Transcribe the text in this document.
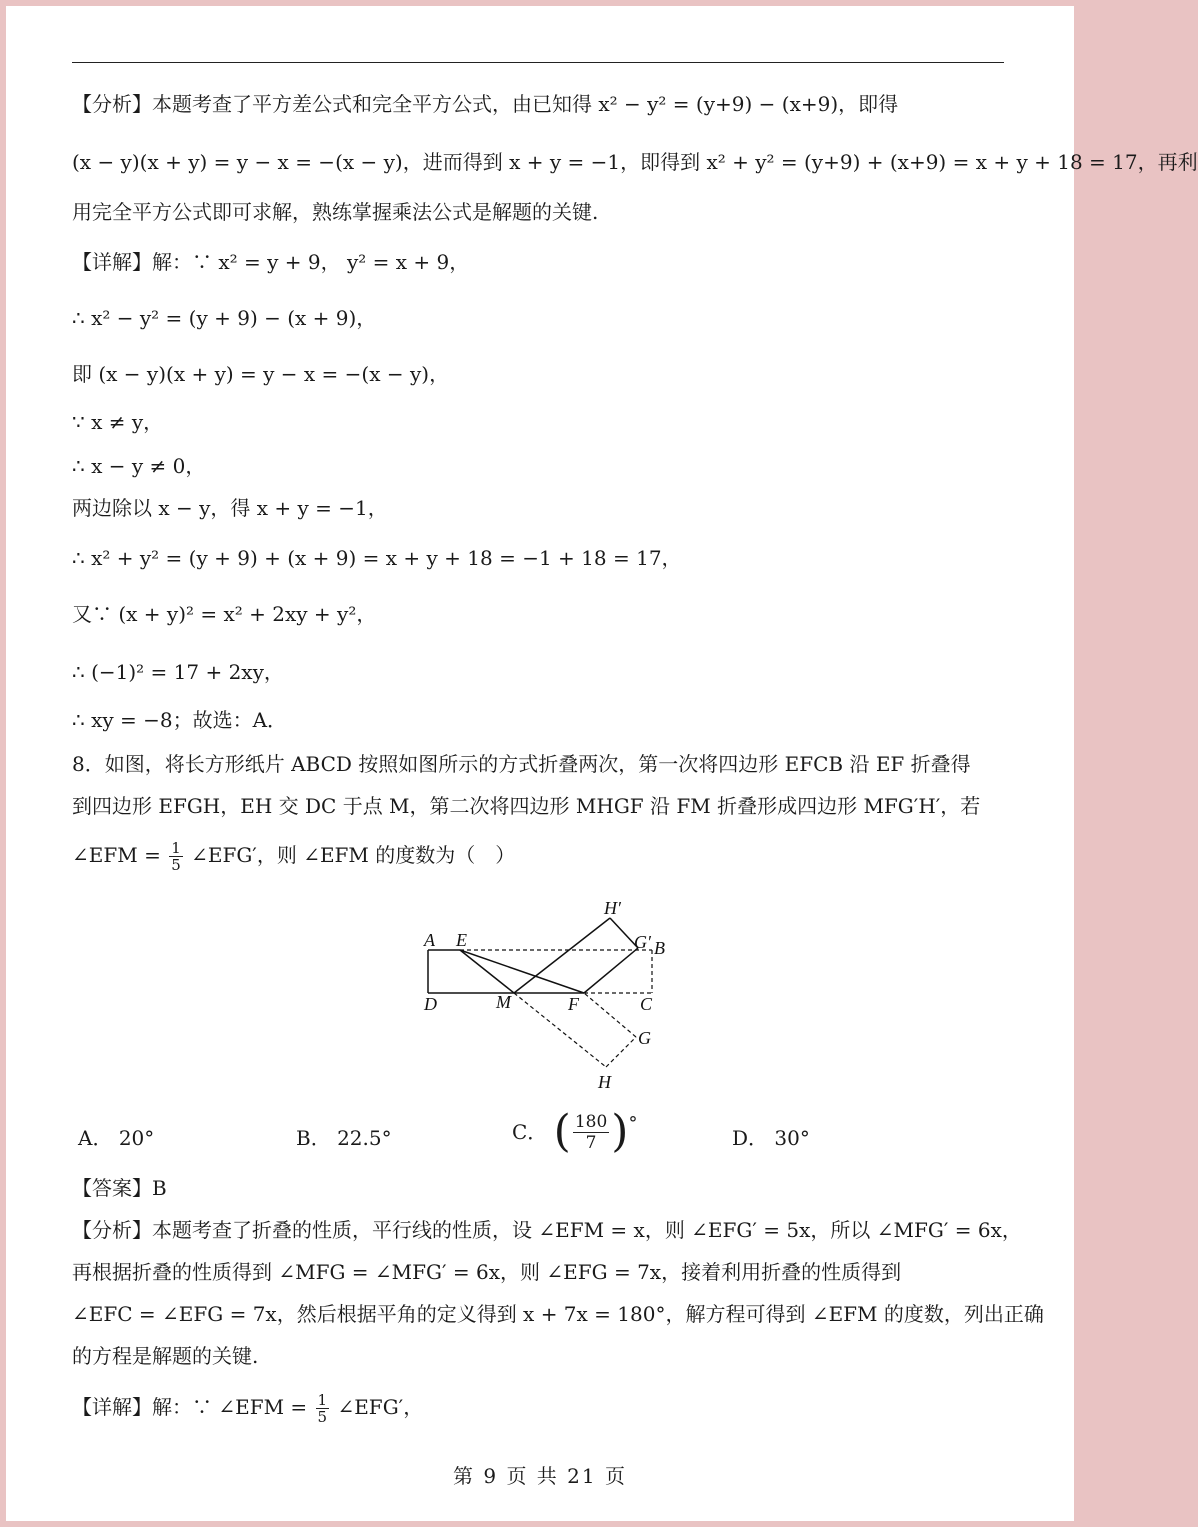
【分析】本题考查了平方差公式和完全平方公式，由已知得 x² − y² = (y+9) − (x+9)，即得
(x − y)(x + y) = y − x = −(x − y)，进而得到 x + y = −1，即得到 x² + y² = (y+9) + (x+9) = x + y + 18 = 17，再利
用完全平方公式即可求解，熟练掌握乘法公式是解题的关键.
【详解】解：∵ x² = y + 9， y² = x + 9，
∴ x² − y² = (y + 9) − (x + 9)，
即 (x − y)(x + y) = y − x = −(x − y)，
∵ x ≠ y，
∴ x − y ≠ 0，
两边除以 x − y，得 x + y = −1，
∴ x² + y² = (y + 9) + (x + 9) = x + y + 18 = −1 + 18 = 17，
又∵ (x + y)² = x² + 2xy + y²，
∴ (−1)² = 17 + 2xy，
∴ xy = −8；故选：A．
8．如图，将长方形纸片 ABCD 按照如图所示的方式折叠两次，第一次将四边形 EFCB 沿 EF 折叠得
到四边形 EFGH，EH 交 DC 于点 M，第二次将四边形 MHGF 沿 FM 折叠形成四边形 MFG′H′，若
∠EFM = $\frac{1}{5}$ ∠EFG′，则 ∠EFM 的度数为（　）
A E
H′
G′ B
D	M	F	C
G
H
A． 20°	B． 22.5°	C． ( $\frac{180}{7}$ ) °
D． 30°
【答案】B
【分析】本题考查了折叠的性质，平行线的性质，设 ∠EFM = x，则 ∠EFG′ = 5x，所以 ∠MFG′ = 6x，
再根据折叠的性质得到 ∠MFG = ∠MFG′ = 6x，则 ∠EFG = 7x，接着利用折叠的性质得到
∠EFC = ∠EFG = 7x，然后根据平角的定义得到 x + 7x = 180°，解方程可得到 ∠EFM 的度数，列出正确
的方程是解题的关键.
【详解】解：∵ ∠EFM = $\frac{1}{5}$ ∠EFG′，
第 9 页 共 21 页
